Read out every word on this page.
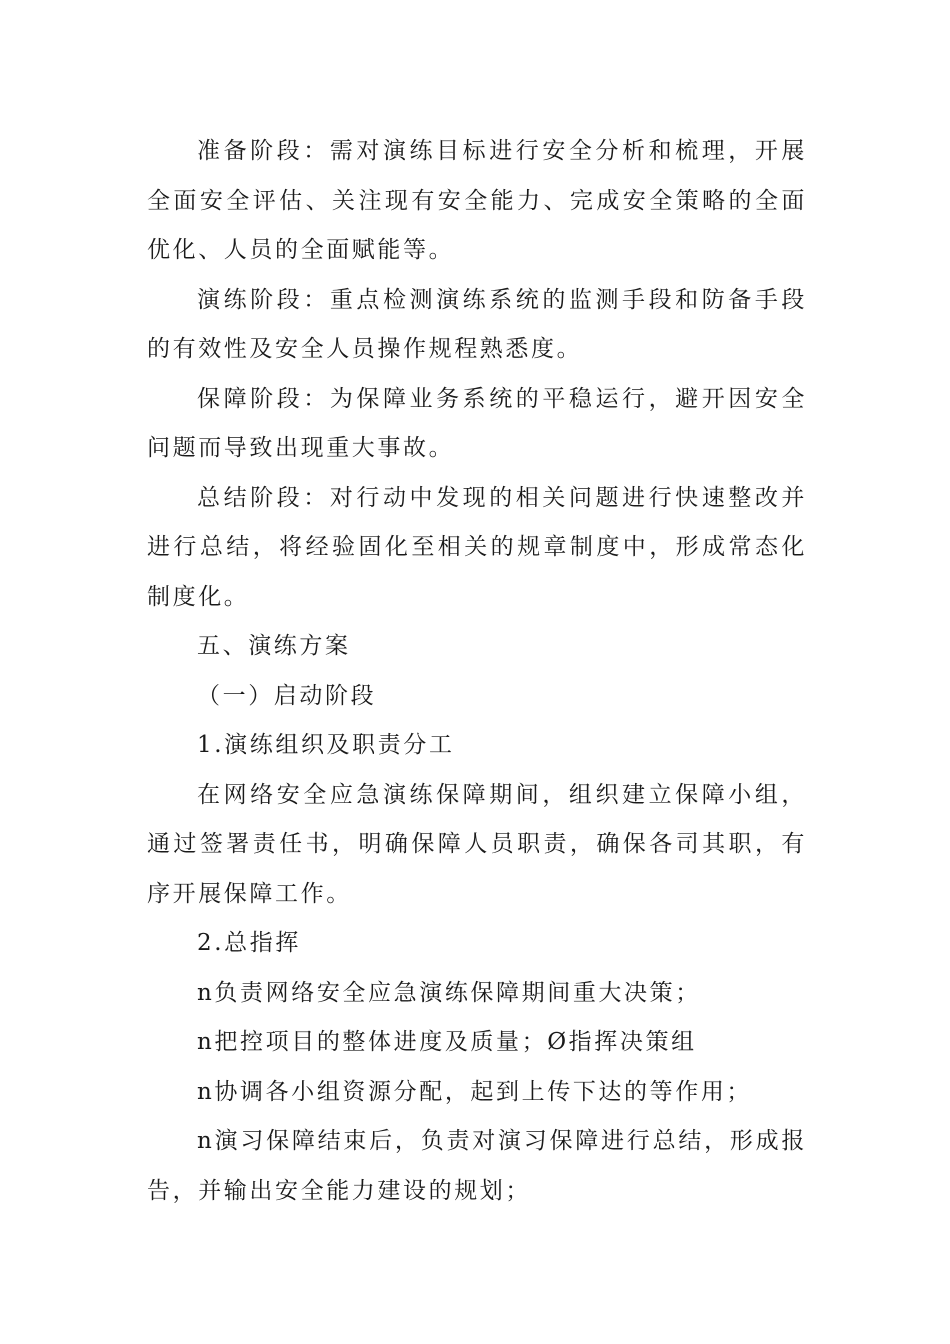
准备阶段：需对演练目标进行安全分析和梳理，开展全面安全评估、关注现有安全能力、完成安全策略的全面优化、人员的全面赋能等。

演练阶段：重点检测演练系统的监测手段和防备手段的有效性及安全人员操作规程熟悉度。

保障阶段：为保障业务系统的平稳运行，避开因安全问题而导致出现重大事故。

总结阶段：对行动中发现的相关问题进行快速整改并进行总结，将经验固化至相关的规章制度中，形成常态化制度化。

五、演练方案

（一）启动阶段

1.演练组织及职责分工

在网络安全应急演练保障期间，组织建立保障小组，通过签署责任书，明确保障人员职责，确保各司其职，有序开展保障工作。

2.总指挥

n负责网络安全应急演练保障期间重大决策；

n把控项目的整体进度及质量；Ø指挥决策组

n协调各小组资源分配，起到上传下达的等作用；

n演习保障结束后，负责对演习保障进行总结，形成报告，并输出安全能力建设的规划；
